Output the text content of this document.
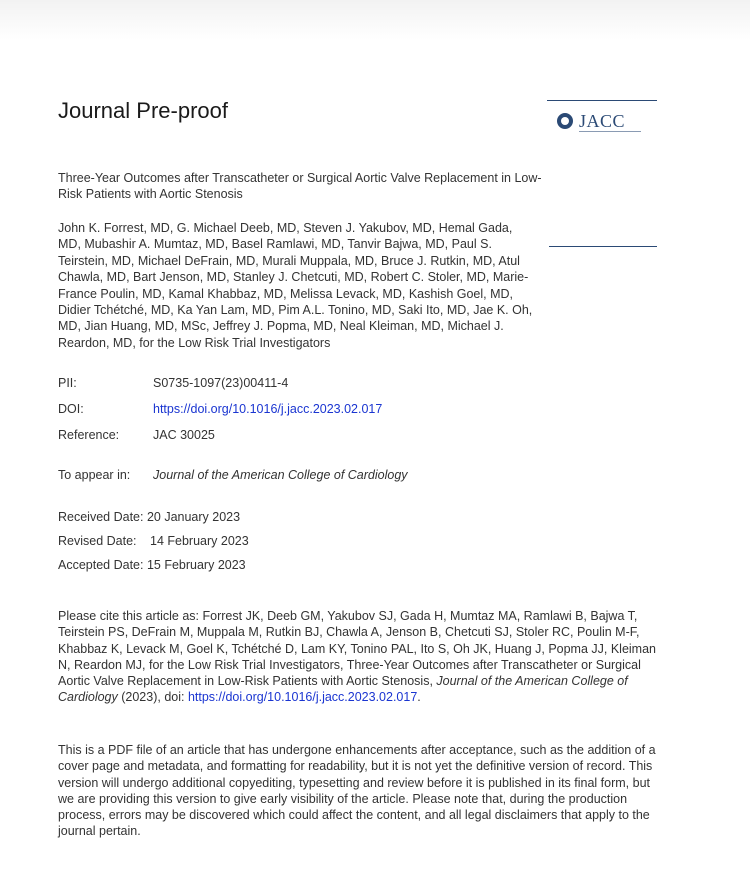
Journal Pre-proof	JACC
Three-Year Outcomes after Transcatheter or Surgical Aortic Valve Replacement in Low-Risk Patients with Aortic Stenosis
John K. Forrest, MD, G. Michael Deeb, MD, Steven J. Yakubov, MD, Hemal Gada, MD, Mubashir A. Mumtaz, MD, Basel Ramlawi, MD, Tanvir Bajwa, MD, Paul S. Teirstein, MD, Michael DeFrain, MD, Murali Muppala, MD, Bruce J. Rutkin, MD, Atul Chawla, MD, Bart Jenson, MD, Stanley J. Chetcuti, MD, Robert C. Stoler, MD, Marie-France Poulin, MD, Kamal Khabbaz, MD, Melissa Levack, MD, Kashish Goel, MD, Didier Tchétché, MD, Ka Yan Lam, MD, Pim A.L. Tonino, MD, Saki Ito, MD, Jae K. Oh, MD, Jian Huang, MD, MSc, Jeffrey J. Popma, MD, Neal Kleiman, MD, Michael J. Reardon, MD, for the Low Risk Trial Investigators
PII:	S0735-1097(23)00411-4
DOI:	https://doi.org/10.1016/j.jacc.2023.02.017
Reference:	JAC 30025
To appear in: Journal of the American College of Cardiology
Received Date: 20 January 2023
Revised Date: 14 February 2023
Accepted Date: 15 February 2023
Please cite this article as: Forrest JK, Deeb GM, Yakubov SJ, Gada H, Mumtaz MA, Ramlawi B, Bajwa T, Teirstein PS, DeFrain M, Muppala M, Rutkin BJ, Chawla A, Jenson B, Chetcuti SJ, Stoler RC, Poulin M-F, Khabbaz K, Levack M, Goel K, Tchétché D, Lam KY, Tonino PAL, Ito S, Oh JK, Huang J, Popma JJ, Kleiman N, Reardon MJ, for the Low Risk Trial Investigators, Three-Year Outcomes after Transcatheter or Surgical Aortic Valve Replacement in Low-Risk Patients with Aortic Stenosis, Journal of the American College of Cardiology (2023), doi: https://doi.org/10.1016/j.jacc.2023.02.017.
This is a PDF file of an article that has undergone enhancements after acceptance, such as the addition of a cover page and metadata, and formatting for readability, but it is not yet the definitive version of record. This version will undergo additional copyediting, typesetting and review before it is published in its final form, but we are providing this version to give early visibility of the article. Please note that, during the production process, errors may be discovered which could affect the content, and all legal disclaimers that apply to the journal pertain.
